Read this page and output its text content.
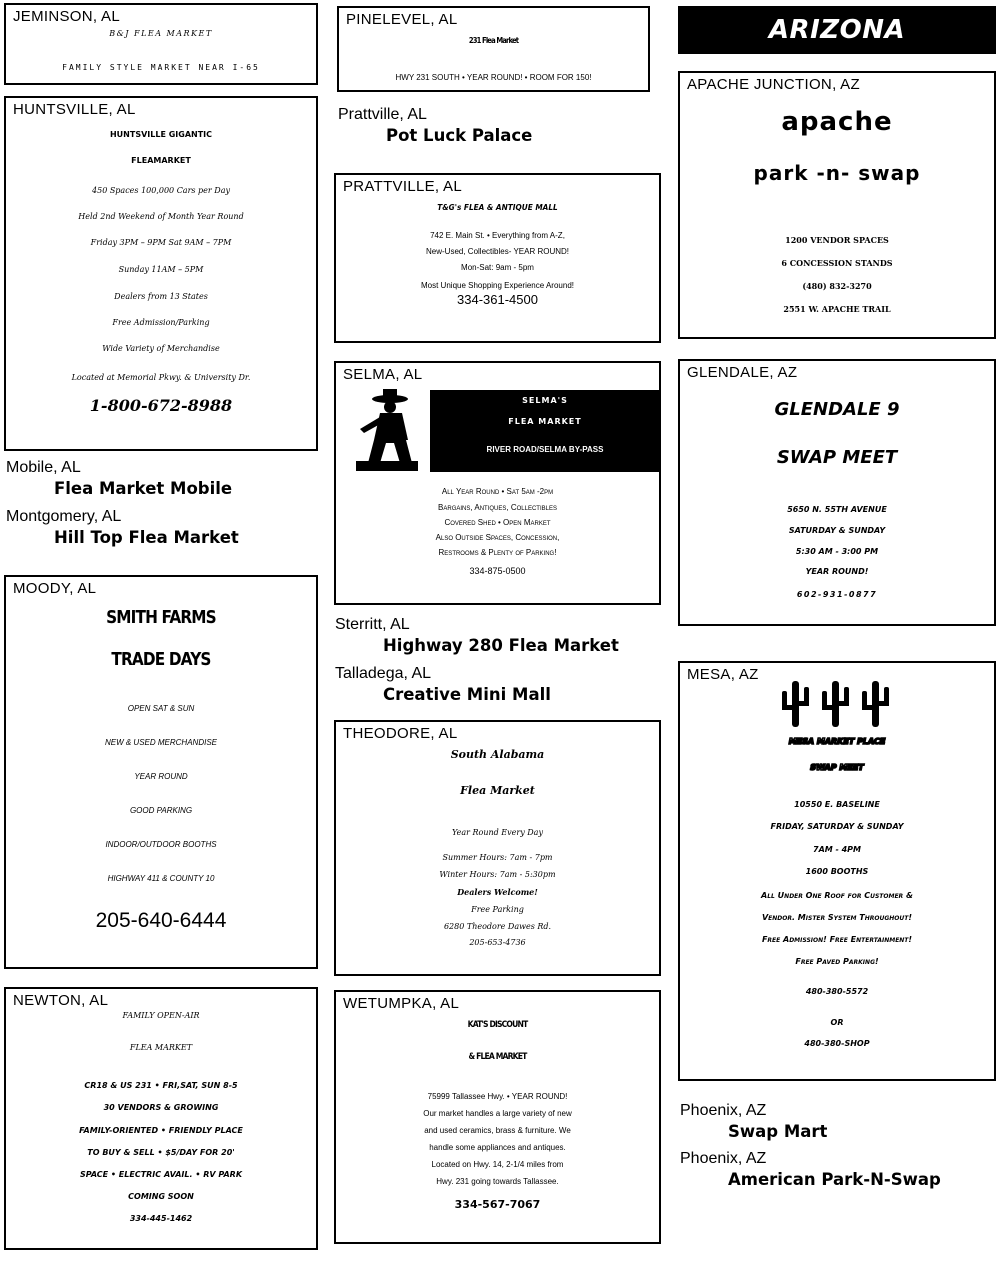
JEMINSON, AL
B&J FLEA MARKET
FAMILY STYLE MARKET NEAR I-65
HUNTSVILLE, AL
HUNTSVILLE GIGANTIC
FLEAMARKET
450 Spaces 100,000 Cars per Day
Held 2nd Weekend of Month Year Round
Friday 3PM – 9PM Sat 9AM – 7PM
Sunday 11AM – 5PM
Dealers from 13 States
Free Admission/Parking
Wide Variety of Merchandise
Located at Memorial Pkwy. & University Dr.
1-800-672-8988
Mobile, AL
Flea Market Mobile
Montgomery, AL
Hill Top Flea Market
MOODY, AL
SMITH FARMS
TRADE DAYS
OPEN SAT & SUN
NEW & USED MERCHANDISE
YEAR ROUND
GOOD PARKING
INDOOR/OUTDOOR BOOTHS
HIGHWAY 411 & COUNTY 10
205-640-6444
NEWTON, AL
FAMILY OPEN-AIR
FLEA MARKET
CR18 & US 231 • FRI,SAT, SUN 8-5
30 VENDORS & GROWING
FAMILY-ORIENTED • FRIENDLY PLACE
TO BUY & SELL • $5/DAY FOR 20'
SPACE • ELECTRIC AVAIL. • RV PARK
COMING SOON
334-445-1462
PINELEVEL, AL
231 Flea Market
HWY 231 SOUTH • YEAR ROUND! • ROOM FOR 150!
Prattville, AL
Pot Luck Palace
PRATTVILLE, AL
T&G's FLEA & ANTIQUE MALL
742 E. Main St. • Everything from A-Z,
New-Used, Collectibles- YEAR ROUND!
Mon-Sat: 9am - 5pm
Most Unique Shopping Experience Around!
334-361-4500
SELMA, AL
SELMA'S
FLEA MARKET
RIVER ROAD/SELMA BY-PASS
All Year Round • Sat 5am -2pm
Bargains, Antiques, Collectibles
Covered Shed • Open Market
Also Outside Spaces, Concession,
Restrooms & Plenty of Parking!
334-875-0500
Sterritt, AL
Highway 280 Flea Market
Talladega, AL
Creative Mini Mall
THEODORE, AL
South Alabama
Flea Market
Year Round Every Day
Summer Hours: 7am - 7pm
Winter Hours: 7am - 5:30pm
Dealers Welcome!
Free Parking
6280 Theodore Dawes Rd.
205-653-4736
WETUMPKA, AL
KAT'S DISCOUNT
& FLEA MARKET
75999 Tallassee Hwy. • YEAR ROUND!
Our market handles a large variety of new
and used ceramics, brass & furniture. We
handle some appliances and antiques.
Located on Hwy. 14, 2-1/4 miles from
Hwy. 231 going towards Tallassee.
334-567-7067
ARIZONA
APACHE JUNCTION, AZ
apache
park -n- swap
1200 VENDOR SPACES
6 CONCESSION STANDS
(480) 832-3270
2551 W. APACHE TRAIL
GLENDALE, AZ
GLENDALE 9
SWAP MEET
5650 N. 55TH AVENUE
SATURDAY & SUNDAY
5:30 AM - 3:00 PM
YEAR ROUND!
602-931-0877
MESA, AZ
MESA MARKET PLACE
SWAP MEET
10550 E. BASELINE
FRIDAY, SATURDAY & SUNDAY
7AM - 4PM
1600 BOOTHS
All Under One Roof for Customer &
Vendor. Mister System Throughout!
Free Admission! Free Entertainment!
Free Paved Parking!
480-380-5572
OR
480-380-SHOP
Phoenix, AZ
Swap Mart
Phoenix, AZ
American Park-N-Swap
